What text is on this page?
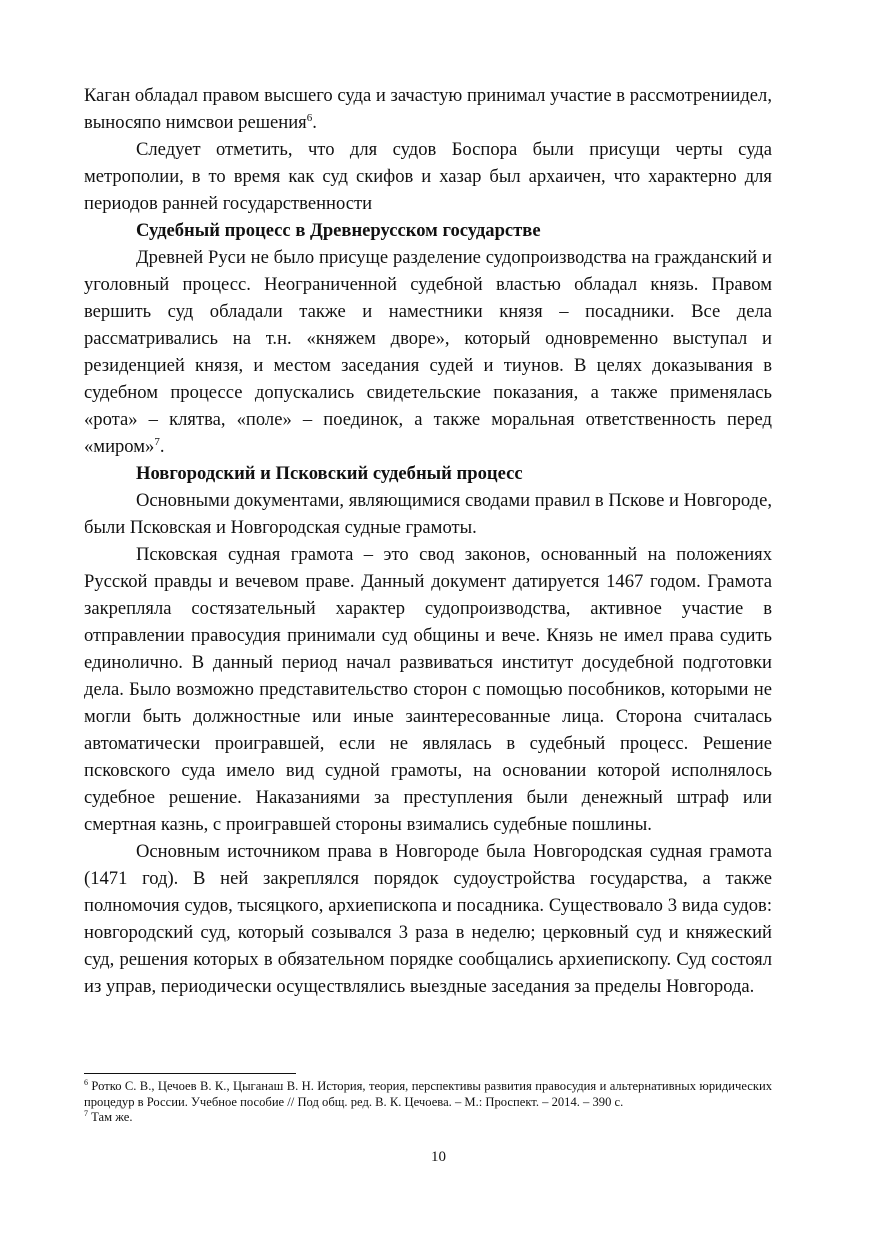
Каган обладал правом высшего суда и зачастую принимал участие в рассмотрениидел, выносяпо нимсвои решения$^6$.

Следует отметить, что для судов Боспора были присущи черты суда метрополии, в то время как суд скифов и хазар был архаичен, что характерно для периодов ранней государственности

Судебный процесс в Древнерусском государстве

Древней Руси не было присуще разделение судопроизводства на гражданский и уголовный процесс. Неограниченной судебной властью обладал князь. Правом вершить суд обладали также и наместники князя – посадники. Все дела рассматривались на т.н. «княжем дворе», который одновременно выступал и резиденцией князя, и местом заседания судей и тиунов. В целях доказывания в судебном процессе допускались свидетельские показания, а также применялась «рота» – клятва, «поле» – поединок, а также моральная ответственность перед «миром»$^7$.

Новгородский и Псковский судебный процесс

Основными документами, являющимися сводами правил в Пскове и Новгороде, были Псковская и Новгородская судные грамоты.

Псковская судная грамота – это свод законов, основанный на положениях Русской правды и вечевом праве. Данный документ датируется 1467 годом. Грамота закрепляла состязательный характер судопроизводства, активное участие в отправлении правосудия принимали суд общины и вече. Князь не имел права судить единолично. В данный период начал развиваться институт досудебной подготовки дела. Было возможно представительство сторон с помощью пособников, которыми не могли быть должностные или иные заинтересованные лица. Сторона считалась автоматически проигравшей, если не являлась в судебный процесс. Решение псковского суда имело вид судной грамоты, на основании которой исполнялось судебное решение. Наказаниями за преступления были денежный штраф или смертная казнь, с проигравшей стороны взимались судебные пошлины.

Основным источником права в Новгороде была Новгородская судная грамота (1471 год). В ней закреплялся порядок судоустройства государства, а также полномочия судов, тысяцкого, архиепископа и посадника. Существовало 3 вида судов: новгородский суд, который созывался 3 раза в неделю; церковный суд и княжеский суд, решения которых в обязательном порядке сообщались архиепископу. Суд состоял из управ, периодически осуществлялись выездные заседания за пределы Новгорода.

$^6$ Ротко С. В., Цечоев В. К., Цыганаш В. Н. История, теория, перспективы развития правосудия и альтернативных юридических процедур в России. Учебное пособие // Под общ. ред. В. К. Цечоева. – М.: Проспект. – 2014. – 390 с.

$^7$ Там же.

10
